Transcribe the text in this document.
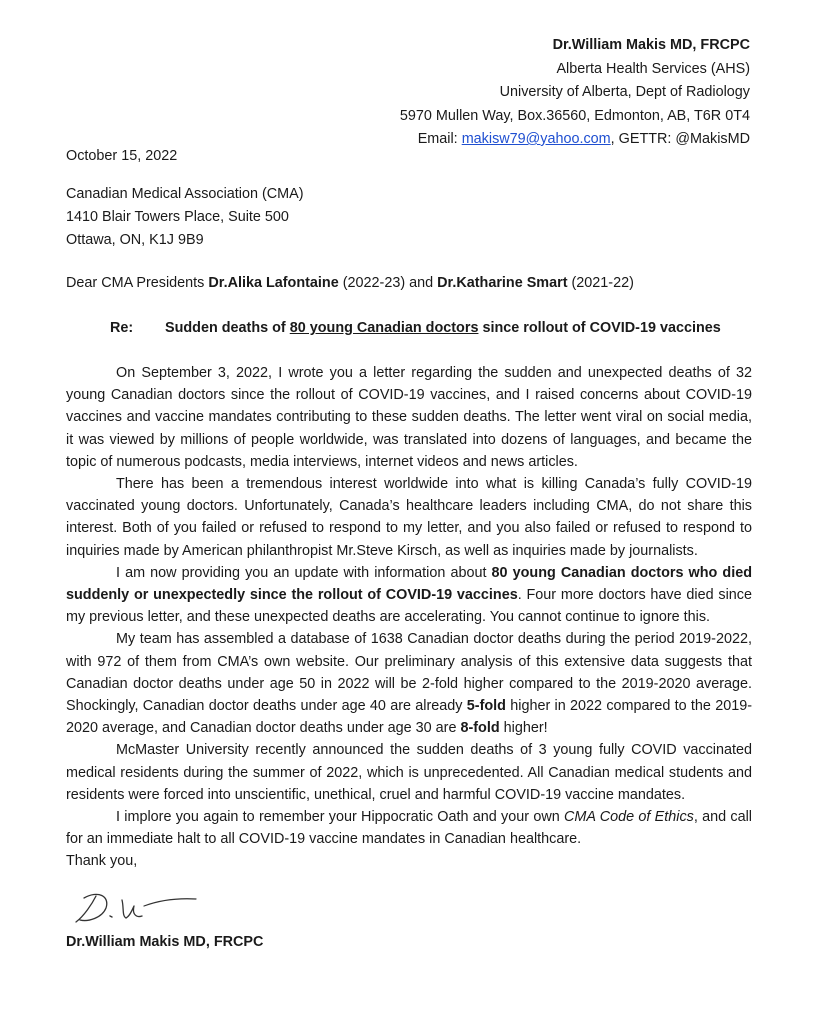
Dr.William Makis MD, FRCPC
Alberta Health Services (AHS)
University of Alberta, Dept of Radiology
5970 Mullen Way, Box.36560, Edmonton, AB, T6R 0T4
Email: makisw79@yahoo.com, GETTR: @MakisMD
October 15, 2022
Canadian Medical Association (CMA)
1410 Blair Towers Place, Suite 500
Ottawa, ON, K1J 9B9
Dear CMA Presidents Dr.Alika Lafontaine (2022-23) and Dr.Katharine Smart (2021-22)
Re: Sudden deaths of 80 young Canadian doctors since rollout of COVID-19 vaccines

On September 3, 2022, I wrote you a letter regarding the sudden and unexpected deaths of 32 young Canadian doctors since the rollout of COVID-19 vaccines, and I raised concerns about COVID-19 vaccines and vaccine mandates contributing to these sudden deaths. The letter went viral on social media, it was viewed by millions of people worldwide, was translated into dozens of languages, and became the topic of numerous podcasts, media interviews, internet videos and news articles.

There has been a tremendous interest worldwide into what is killing Canada’s fully COVID-19 vaccinated young doctors. Unfortunately, Canada’s healthcare leaders including CMA, do not share this interest. Both of you failed or refused to respond to my letter, and you also failed or refused to respond to inquiries made by American philanthropist Mr.Steve Kirsch, as well as inquiries made by journalists.

I am now providing you an update with information about 80 young Canadian doctors who died suddenly or unexpectedly since the rollout of COVID-19 vaccines. Four more doctors have died since my previous letter, and these unexpected deaths are accelerating. You cannot continue to ignore this.

My team has assembled a database of 1638 Canadian doctor deaths during the period 2019-2022, with 972 of them from CMA’s own website. Our preliminary analysis of this extensive data suggests that Canadian doctor deaths under age 50 in 2022 will be 2-fold higher compared to the 2019-2020 average. Shockingly, Canadian doctor deaths under age 40 are already 5-fold higher in 2022 compared to the 2019-2020 average, and Canadian doctor deaths under age 30 are 8-fold higher!

McMaster University recently announced the sudden deaths of 3 young fully COVID vaccinated medical residents during the summer of 2022, which is unprecedented. All Canadian medical students and residents were forced into unscientific, unethical, cruel and harmful COVID-19 vaccine mandates.

I implore you again to remember your Hippocratic Oath and your own CMA Code of Ethics, and call for an immediate halt to all COVID-19 vaccine mandates in Canadian healthcare.

Thank you,

Dr.William Makis MD, FRCPC
